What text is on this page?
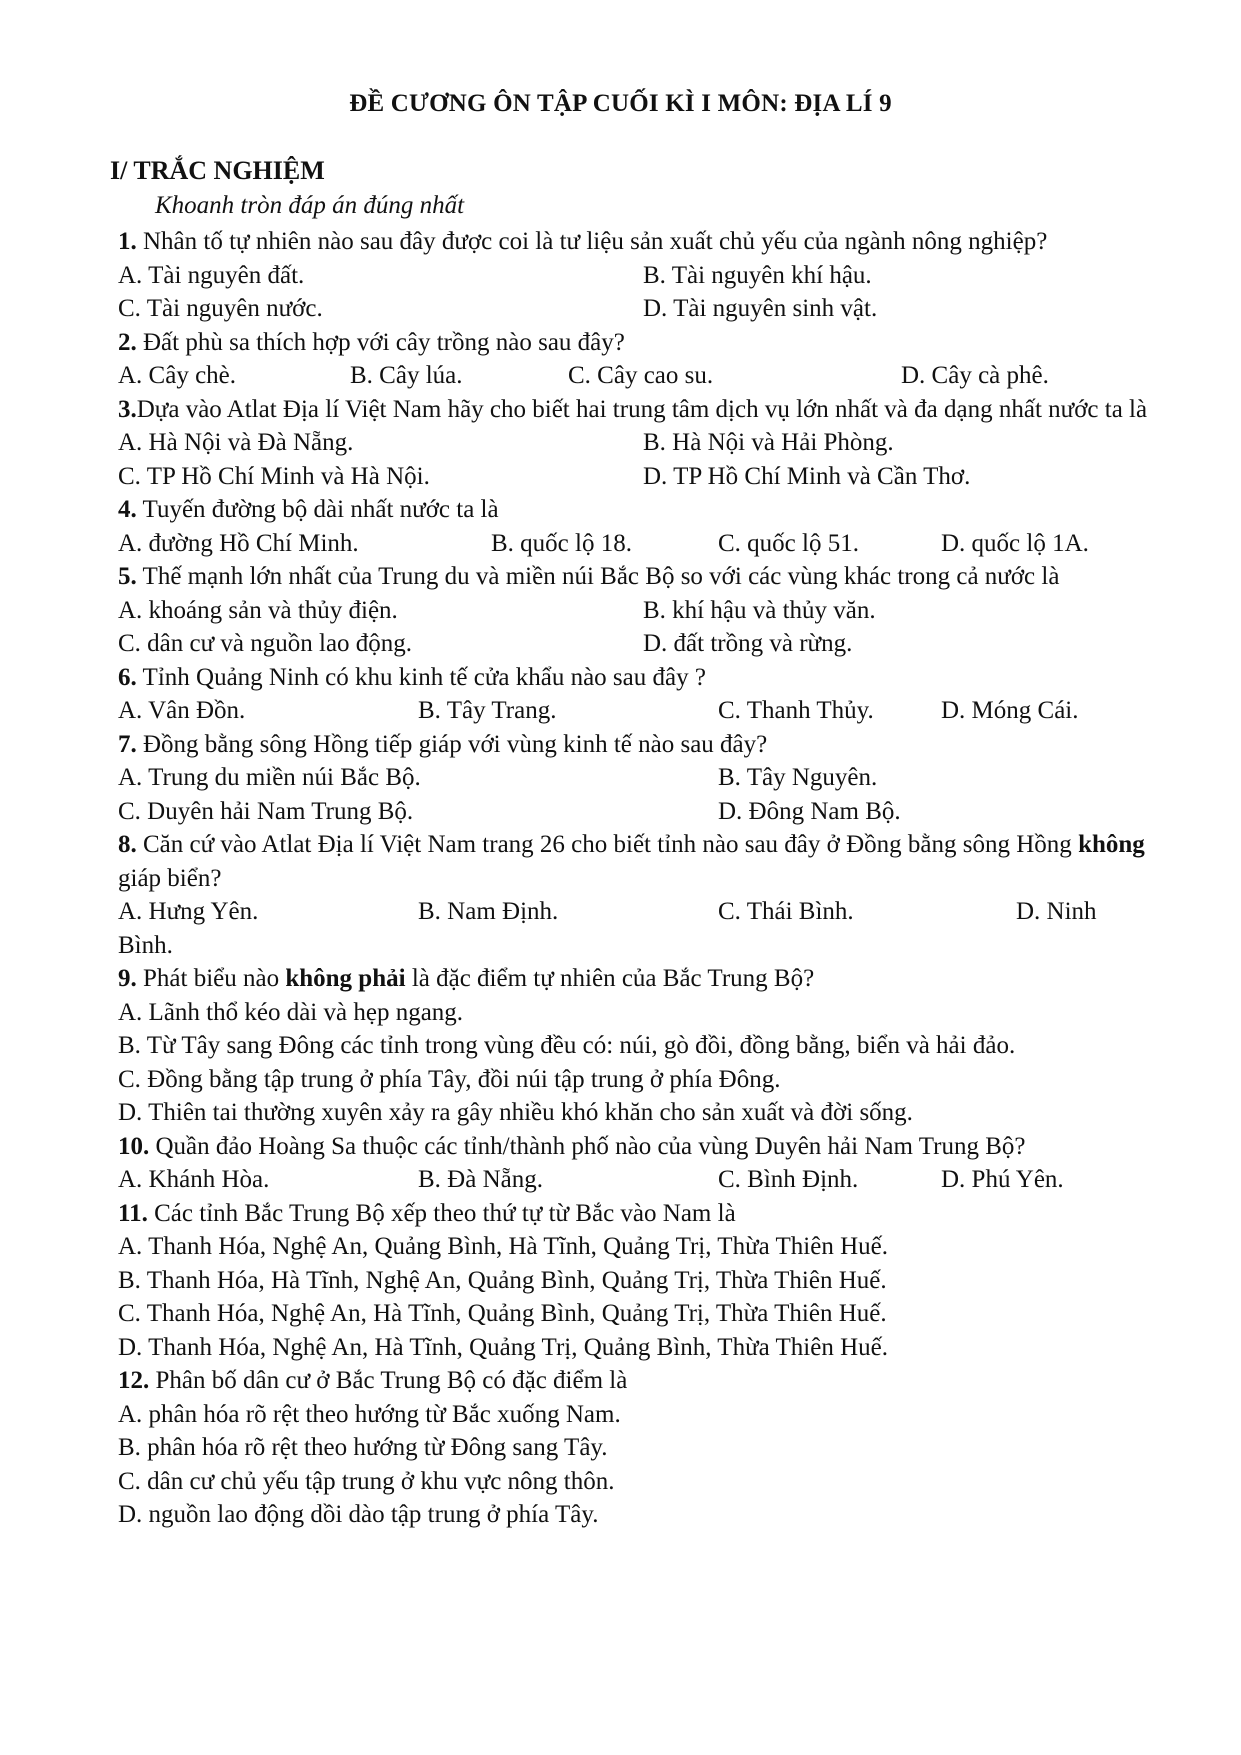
ĐỀ CƯƠNG ÔN TẬP CUỐI KÌ I MÔN: ĐỊA LÍ 9
I/ TRẮC NGHIỆM
Khoanh tròn đáp án đúng nhất
1. Nhân tố tự nhiên nào sau đây được coi là tư liệu sản xuất chủ yếu của ngành nông nghiệp?
A. Tài nguyên đất.	B. Tài nguyên khí hậu.
C. Tài nguyên nước.	D. Tài nguyên sinh vật.
2. Đất phù sa thích hợp với cây trồng nào sau đây?
A. Cây chè.	B. Cây lúa.	C. Cây cao su.	D. Cây cà phê.
3.Dựa vào Atlat Địa lí Việt Nam hãy cho biết hai trung tâm dịch vụ lớn nhất và đa dạng nhất nước ta là
A. Hà Nội và Đà Nẵng.	B. Hà Nội và Hải Phòng.
C. TP Hồ Chí Minh và Hà Nội.	D. TP Hồ Chí Minh và Cần Thơ.
4. Tuyến đường bộ dài nhất nước ta là
A. đường Hồ Chí Minh.	B. quốc lộ 18.	C. quốc lộ 51.	D. quốc lộ 1A.
5. Thế mạnh lớn nhất của Trung du và miền núi Bắc Bộ so với các vùng khác trong cả nước là
A. khoáng sản và thủy điện.	B. khí hậu và thủy văn.
C. dân cư và nguồn lao động.	D. đất trồng và rừng.
6. Tỉnh Quảng Ninh có khu kinh tế cửa khẩu nào sau đây ?
A. Vân Đồn.	B. Tây Trang.	C. Thanh Thủy.	D. Móng Cái.
7. Đồng bằng sông Hồng tiếp giáp với vùng kinh tế nào sau đây?
A. Trung du miền núi Bắc Bộ.	B. Tây Nguyên.
C. Duyên hải Nam Trung Bộ.	D. Đông Nam Bộ.
8. Căn cứ vào Atlat Địa lí Việt Nam trang 26 cho biết tỉnh nào sau đây ở Đồng bằng sông Hồng không giáp biển?
A. Hưng Yên.	B. Nam Định.	C. Thái Bình.	D. Ninh
Bình.
9. Phát biểu nào không phải là đặc điểm tự nhiên của Bắc Trung Bộ?
A. Lãnh thổ kéo dài và hẹp ngang.
B. Từ Tây sang Đông các tỉnh trong vùng đều có: núi, gò đồi, đồng bằng, biển và hải đảo.
C. Đồng bằng tập trung ở phía Tây, đồi núi tập trung ở phía Đông.
D. Thiên tai thường xuyên xảy ra gây nhiều khó khăn cho sản xuất và đời sống.
10. Quần đảo Hoàng Sa thuộc các tỉnh/thành phố nào của vùng Duyên hải Nam Trung Bộ?
A. Khánh Hòa.	B. Đà Nẵng.	C. Bình Định.	D. Phú Yên.
11. Các tỉnh Bắc Trung Bộ xếp theo thứ tự từ Bắc vào Nam là
A. Thanh Hóa, Nghệ An, Quảng Bình, Hà Tĩnh, Quảng Trị, Thừa Thiên Huế.
B. Thanh Hóa, Hà Tĩnh, Nghệ An, Quảng Bình, Quảng Trị, Thừa Thiên Huế.
C. Thanh Hóa, Nghệ An, Hà Tĩnh, Quảng Bình, Quảng Trị, Thừa Thiên Huế.
D. Thanh Hóa, Nghệ An, Hà Tĩnh, Quảng Trị, Quảng Bình, Thừa Thiên Huế.
12. Phân bố dân cư ở Bắc Trung Bộ có đặc điểm là
A. phân hóa rõ rệt theo hướng từ Bắc xuống Nam.
B. phân hóa rõ rệt theo hướng từ Đông sang Tây.
C. dân cư chủ yếu tập trung ở khu vực nông thôn.
D. nguồn lao động dồi dào tập trung ở phía Tây.
